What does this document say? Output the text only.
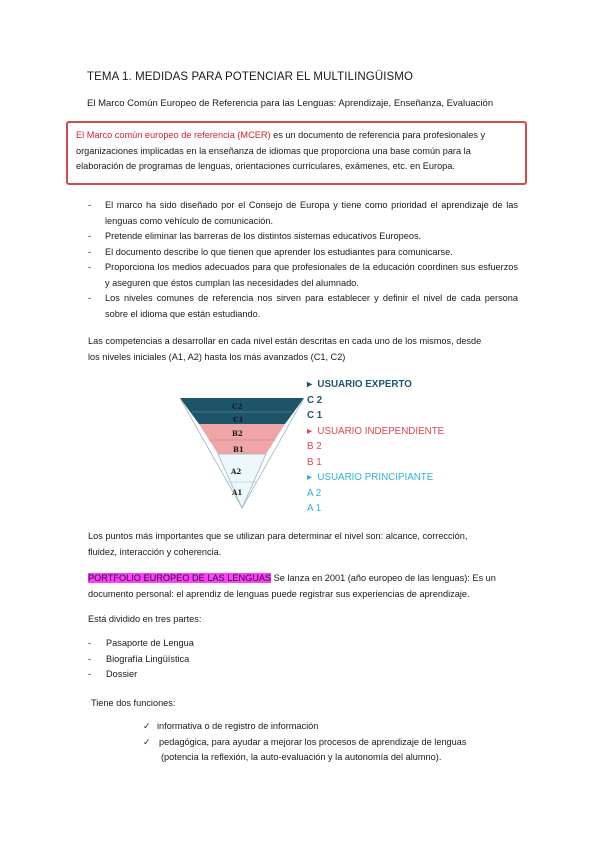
TEMA 1. MEDIDAS PARA POTENCIAR EL MULTILINGÜISMO
El Marco Común Europeo de Referencia para las Lenguas: Aprendizaje, Enseñanza, Evaluación
El Marco común europeo de referencia (MCER) es un documento de referencia para profesionales y
organizaciones implicadas en la enseñanza de idiomas que proporciona una base común para la
elaboración de programas de lenguas, orientaciones curriculares, exámenes, etc. en Europa.
-	El marco ha sido diseñado por el Consejo de Europa y tiene como prioridad el aprendizaje de las lenguas como vehículo de comunicación.
-	Pretende eliminar las barreras de los distintos sistemas educativos Europeos.
-	El documento describe lo que tienen que aprender los estudiantes para comunicarse.
-	Proporciona los medios adecuados para que profesionales de la educación coordinen sus esfuerzos y aseguren que éstos cumplan las necesidades del alumnado.
-	Los niveles comunes de referencia nos sirven para establecer y definir el nivel de cada persona sobre el idioma que están estudiando.
Las competencias a desarrollar en cada nivel están descritas en cada uno de los mismos, desde
los niveles iniciales (A1, A2) hasta los más avanzados (C1, C2)
C2
C1
B2
B1
A2
A1
▸ USUARIO EXPERTO
C 2
C 1
▸ USUARIO INDEPENDIENTE
B 2
B 1
▸ USUARIO PRINCIPIANTE
A 2
A 1
Los puntos más importantes que se utilizan para determinar el nivel son: alcance, corrección,
fluidez, interacción y coherencia.
PORTFOLIO EUROPEO DE LAS LENGUAS Se lanza en 2001 (año europeo de las lenguas): Es un
documento personal: el aprendiz de lenguas puede registrar sus experiencias de aprendizaje.
Está dividido en tres partes:
-	Pasaporte de Lengua
-	Biografía Lingüística
-	Dossier
Tiene dos funciones:
✓ informativa o de registro de información
✓ pedagógica, para ayudar a mejorar los procesos de aprendizaje de lenguas
(potencia la reflexión, la auto-evaluación y la autonomía del alumno).
